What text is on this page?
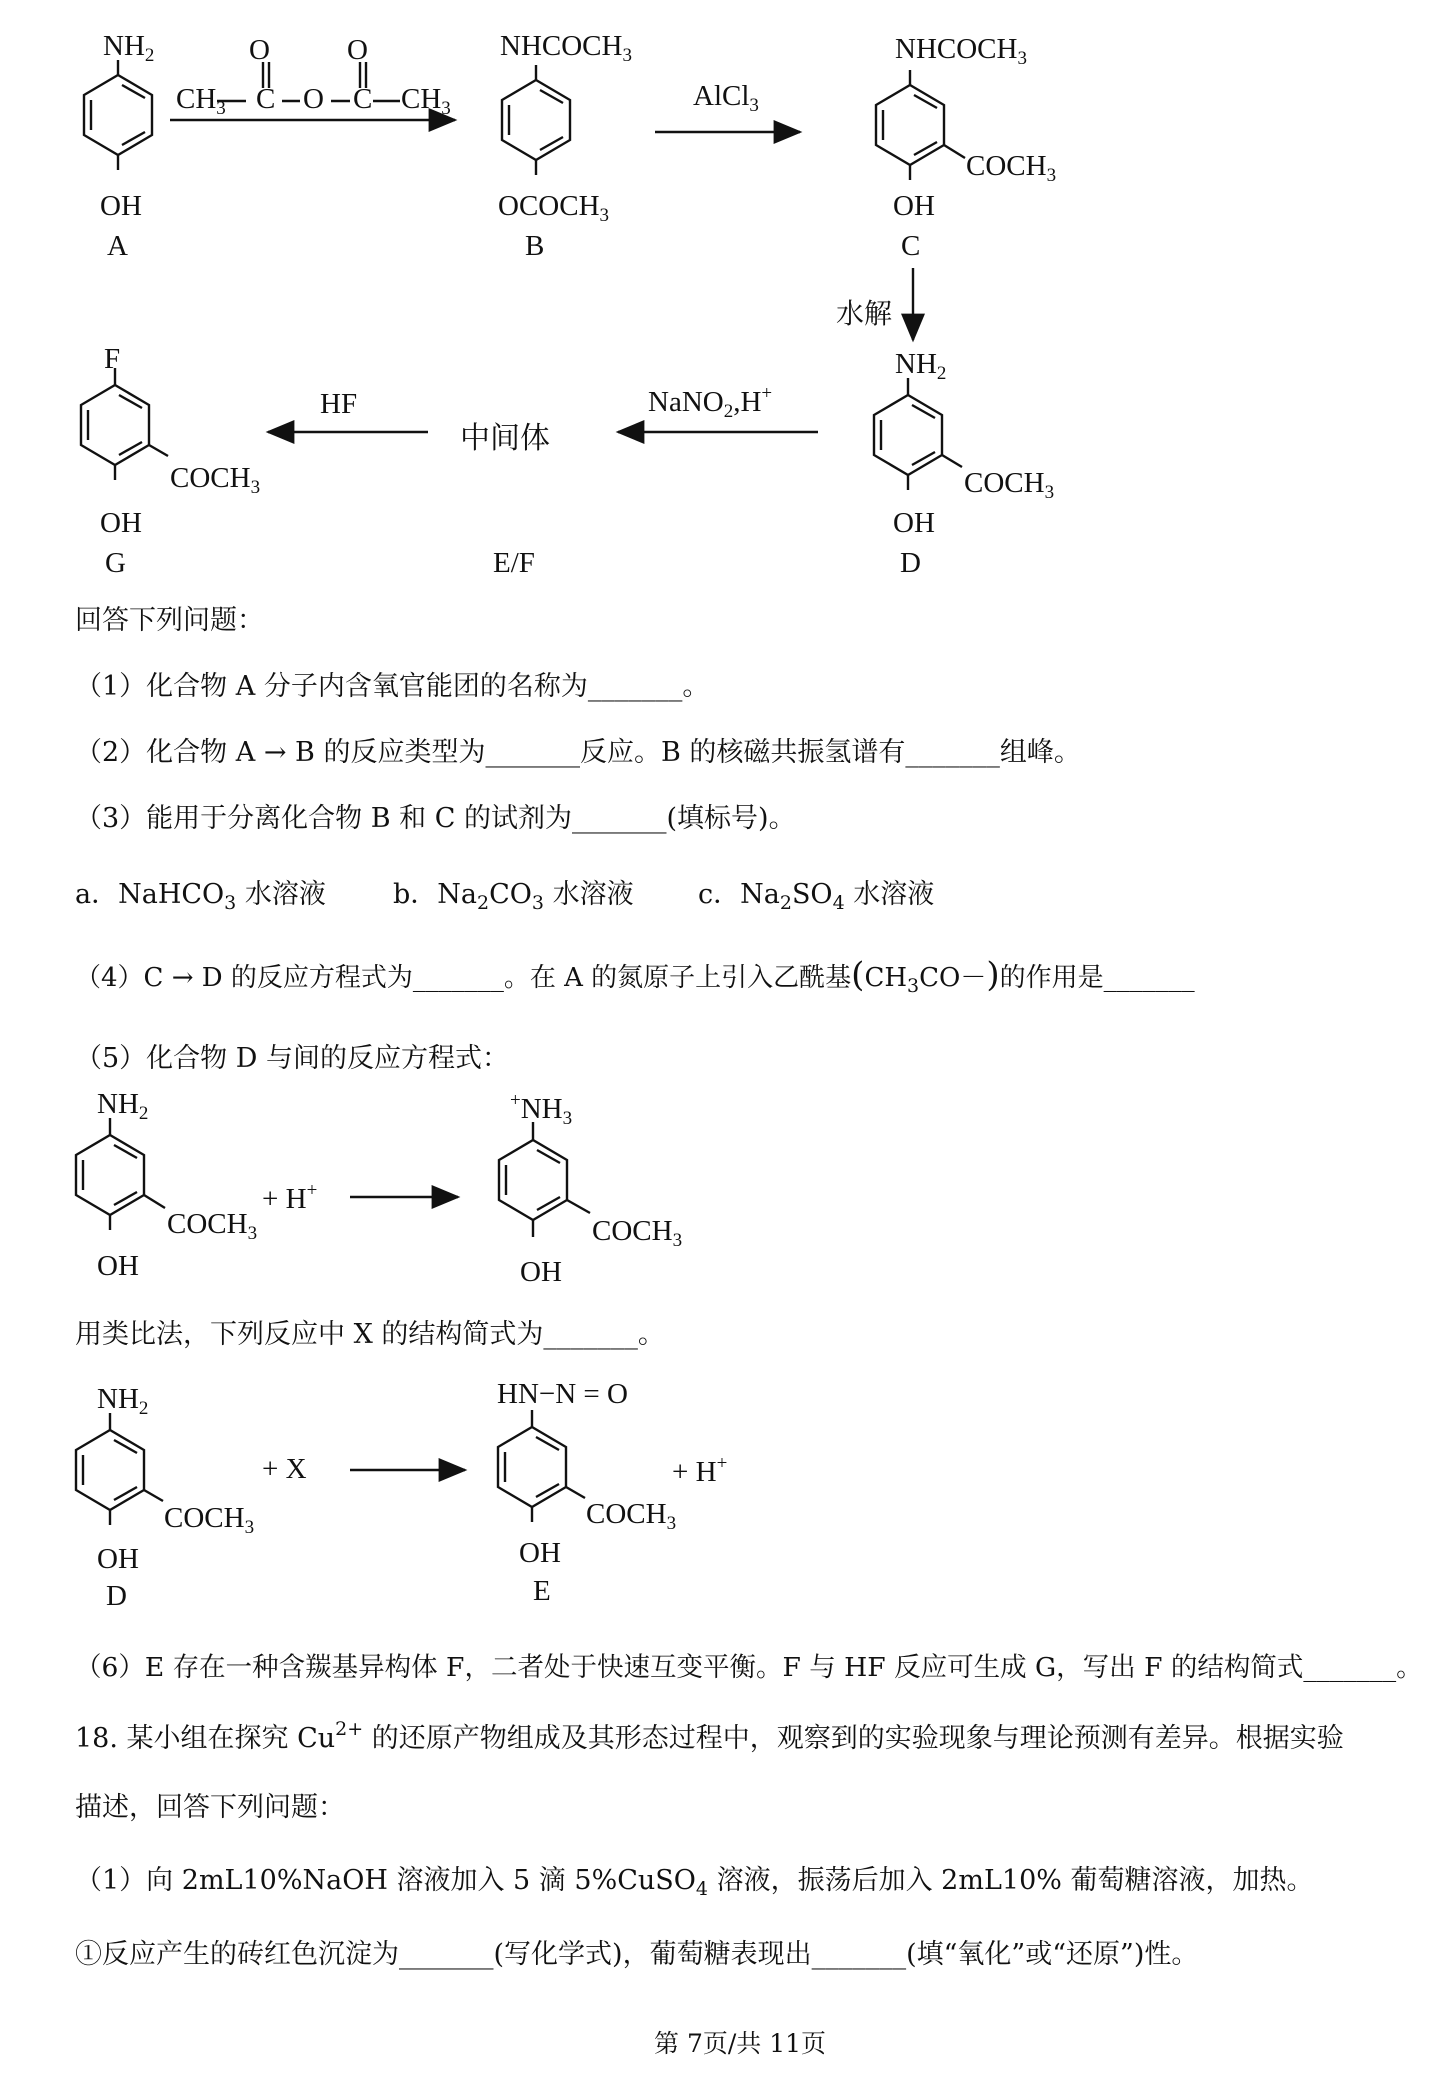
$NH_2$
OH
A
O	O
$CH_3$ C O C $CH_3$
$NHCOCH_3$
$OCOCH_3$
B
AlCl$_3$
$NHCOCH_3$
$COCH_3$
OH
C
水解
$NH_2$
$COCH_3$
OH
D
NaNO$_2$,H+
中间体
E/F
HF
F
$COCH_3$
OH
G
回答下列问题：
（1）化合物 A 分子内含氧官能团的名称为_______。
（2）化合物 A → B 的反应类型为_______反应。B 的核磁共振氢谱有_______组峰。
（3）能用于分离化合物 B 和 C 的试剂为_______(填标号)。
a．NaHCO$_3$ 水溶液 b．$Na_2CO_3$ 水溶液 c．$Na_2SO_4$ 水溶液
（4）C → D 的反应方程式为_______。在 A 的氮原子上引入乙酰基$(CH_3CO-)$的作用是_______
（5）化合物 D 与间的反应方程式：
$NH_2$
$COCH_3$
OH
+ H+
$^+NH_3$
$COCH_3$
OH
用类比法，下列反应中 X 的结构简式为_______。
$NH_2$
$COCH_3$
OH
D
+ X
HN−N = O
$COCH_3$
OH
E
+ H+
（6）E 存在一种含羰基异构体 F，二者处于快速互变平衡。F 与 HF 反应可生成 G，写出 F 的结构简式_______。
18. 某小组在探究 $Cu^{2+}$ 的还原产物组成及其形态过程中，观察到的实验现象与理论预测有差异。根据实验
描述，回答下列问题：
（1）向 2mL10%NaOH 溶液加入 5 滴 5%CuSO$_4$ 溶液，振荡后加入 2mL10% 葡萄糖溶液，加热。
①反应产生的砖红色沉淀为_______(写化学式)，葡萄糖表现出_______(填“氧化”或“还原”)性。
第 7页/共 11页
